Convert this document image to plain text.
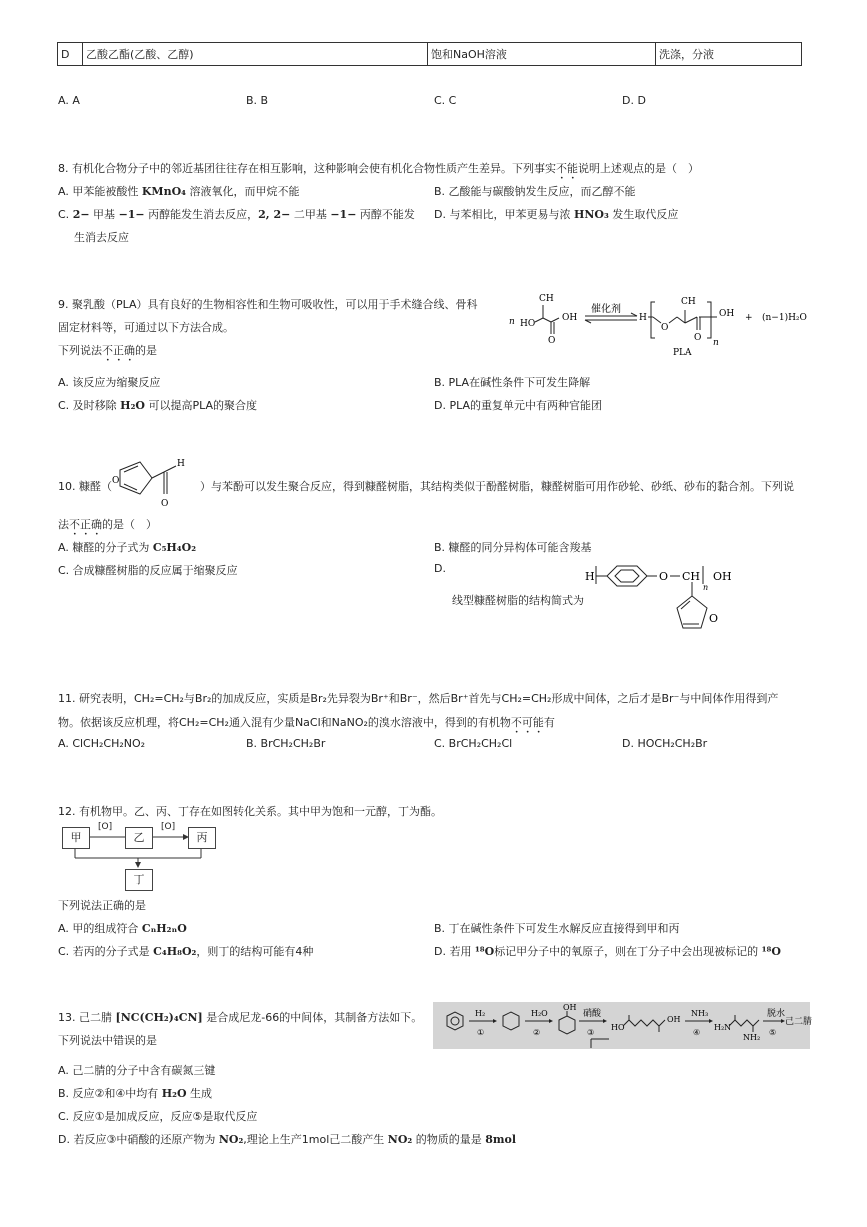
D	乙酸乙酯(乙酸、乙醇)	饱和NaOH溶液	洗涤，分液
A. A	B. B	C. C	D. D
8. 有机化合物分子中的邻近基团往往存在相互影响，这种影响会使有机化合物性质产生差异。下列事实不能说明上述观点的是（　）
A. 甲苯能被酸性 KMnO₄ 溶液氧化，而甲烷不能	B. 乙酸能与碳酸钠发生反应，而乙醇不能
C. 2− 甲基 −1− 丙醇能发生消去反应，2, 2− 二甲基 −1− 丙醇不能发
生消去反应
D. 与苯相比，甲苯更易与浓 HNO₃ 发生取代反应
9. 聚乳酸（PLA）具有良好的生物相容性和生物可吸收性，可以用于手术缝合线、骨科
固定材料等，可通过以下方法合成。
下列说法不正确的是
n HO
CH
O
OH
催化剂
H
O
CH
O n
OH + (n−1)H₂O
PLA
A. 该反应为缩聚反应	B. PLA在碱性条件下可发生降解
C. 及时移除 H₂O 可以提高PLA的聚合度	D. PLA的重复单元中有两种官能团
10. 糠醛（ O
H
O
）与苯酚可以发生聚合反应，得到糠醛树脂，其结构类似于酚醛树脂，糠醛树脂可用作砂轮、砂纸、砂布的黏合剂。下列说
法不正确的是（　）
A. 糠醛的分子式为 C₅H₄O₂	B. 糠醛的同分异构体可能含羧基
C. 合成糠醛树脂的反应属于缩聚反应	D.
线型糠醛树脂的结构简式为
H	O CH
n
OH
O
11. 研究表明，CH₂=CH₂与Br₂的加成反应，实质是Br₂先异裂为Br⁺和Br⁻，然后Br⁺首先与CH₂=CH₂形成中间体，之后才是Br⁻与中间体作用得到产
物。依据该反应机理，将CH₂=CH₂通入混有少量NaCl和NaNO₂的溴水溶液中，得到的有机物不可能有
A. ClCH₂CH₂NO₂	B. BrCH₂CH₂Br	C. BrCH₂CH₂Cl	D. HOCH₂CH₂Br
12. 有机物甲。乙、丙、丁存在如图转化关系。其中甲为饱和一元醇，丁为酯。
甲	乙	丙
丁
[O]	[O]
下列说法正确的是
A. 甲的组成符合 CₙH₂ₙO	B. 丁在碱性条件下可发生水解反应直接得到甲和丙
C. 若丙的分子式是 C₄H₈O₂，则丁的结构可能有4种	D. 若用 ¹⁸O标记甲分子中的氧原子，则在丁分子中会出现被标记的 ¹⁸O
13. 己二腈 [NC(CH₂)₄CN] 是合成尼龙-66的中间体，其制备方法如下。
下列说法中错误的是
H₂
①
H₂O
②
OH
硝酸
③
HO
OH
NH₃
④
H₂N
NH₂
脱水
⑤
己二腈
A. 己二腈的分子中含有碳氮三键
B. 反应②和④中均有 H₂O 生成
C. 反应①是加成反应，反应⑤是取代反应
D. 若反应③中硝酸的还原产物为 NO₂,理论上生产1mol己二酸产生 NO₂ 的物质的量是 8mol
